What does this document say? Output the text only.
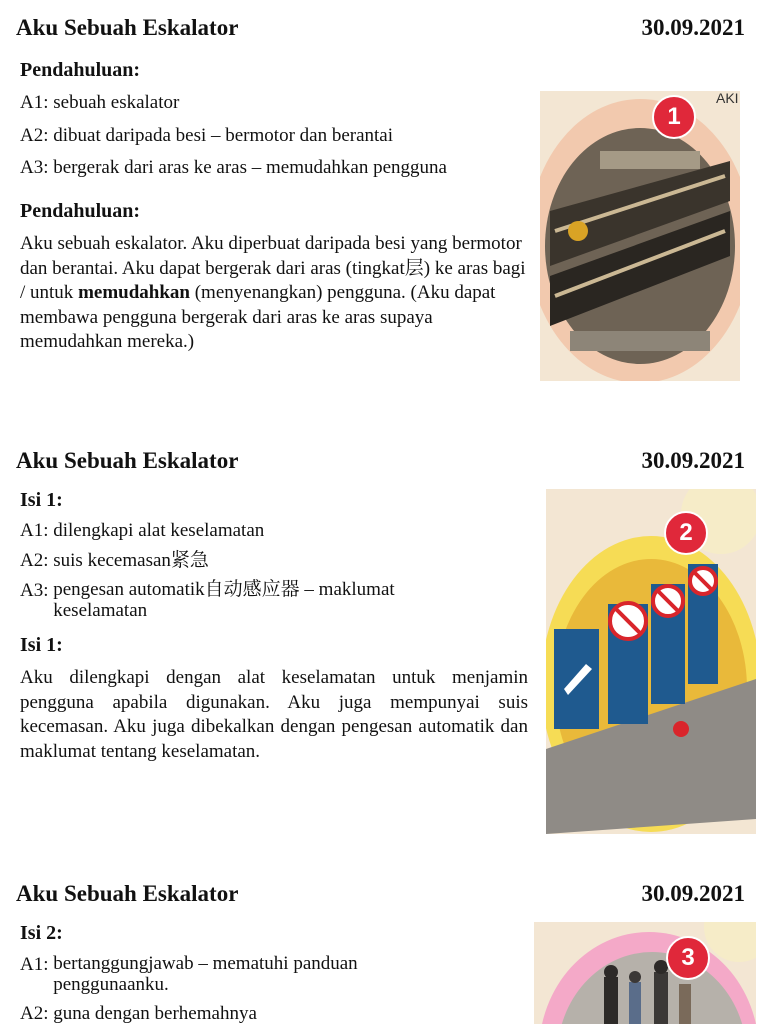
Aku Sebuah Eskalator	30.09.2021
Pendahuluan:

A1: sebuah eskalator

A2: dibuat daripada besi – bermotor dan berantai

A3: bergerak dari aras ke aras – memudahkan pengguna

Pendahuluan:

Aku sebuah eskalator. Aku diperbuat daripada besi yang bermotor dan berantai. Aku dapat bergerak dari aras (tingkat层) ke aras bagi / untuk memudahkan (menyenangkan) pengguna. (Aku dapat membawa pengguna bergerak dari aras ke aras supaya memudahkan mereka.)

1
AKI
Aku Sebuah Eskalator	30.09.2021
Isi 1:

A1: dilengkapi alat keselamatan

A2: suis kecemasan紧急

A3: pengesan automatik自动感应器 – maklumat keselamatan

Isi 1:

Aku dilengkapi dengan alat keselamatan untuk menjamin pengguna apabila digunakan. Aku juga mempunyai suis kecemasan. Aku juga dibekalkan dengan pengesan automatik dan maklumat tentang keselamatan.

2
Aku Sebuah Eskalator	30.09.2021
Isi 2:

A1: bertanggungjawab – mematuhi panduan penggunaanku.

A2: guna dengan berhemahnya

3
